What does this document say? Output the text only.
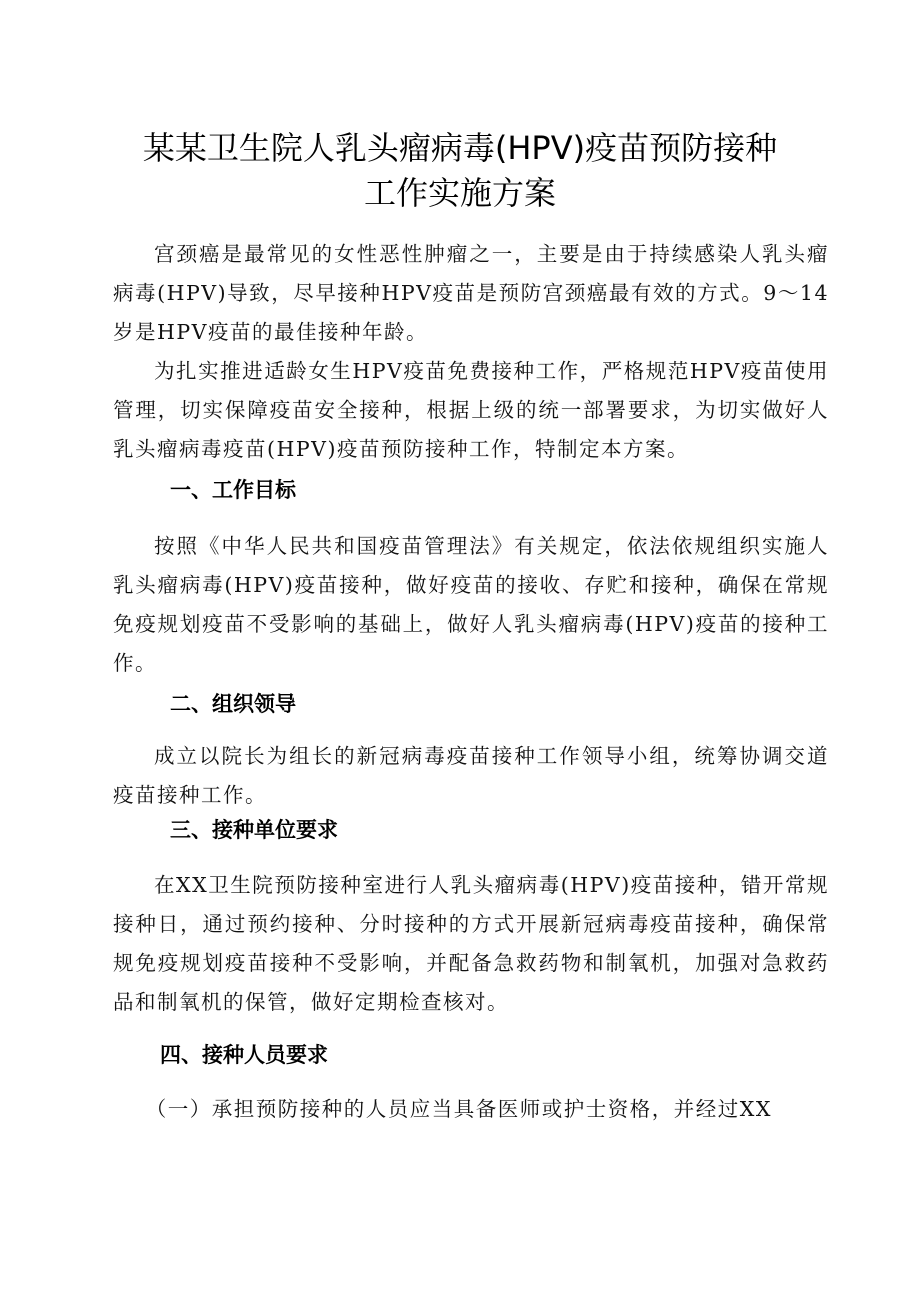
某某卫生院人乳头瘤病毒(HPV)疫苗预防接种
工作实施方案

宫颈癌是最常见的女性恶性肿瘤之一，主要是由于持续感染人乳头瘤病毒(HPV)导致，尽早接种HPV疫苗是预防宫颈癌最有效的方式。9～14岁是HPV疫苗的最佳接种年龄。

为扎实推进适龄女生HPV疫苗免费接种工作，严格规范HPV疫苗使用管理，切实保障疫苗安全接种，根据上级的统一部署要求，为切实做好人乳头瘤病毒疫苗(HPV)疫苗预防接种工作，特制定本方案。

一、工作目标

按照《中华人民共和国疫苗管理法》有关规定，依法依规组织实施人乳头瘤病毒(HPV)疫苗接种，做好疫苗的接收、存贮和接种，确保在常规免疫规划疫苗不受影响的基础上，做好人乳头瘤病毒(HPV)疫苗的接种工作。

二、组织领导

成立以院长为组长的新冠病毒疫苗接种工作领导小组，统筹协调交道疫苗接种工作。

三、接种单位要求

在XX卫生院预防接种室进行人乳头瘤病毒(HPV)疫苗接种，错开常规接种日，通过预约接种、分时接种的方式开展新冠病毒疫苗接种，确保常规免疫规划疫苗接种不受影响，并配备急救药物和制氧机，加强对急救药品和制氧机的保管，做好定期检查核对。

四、接种人员要求

（一）承担预防接种的人员应当具备医师或护士资格，并经过XX
